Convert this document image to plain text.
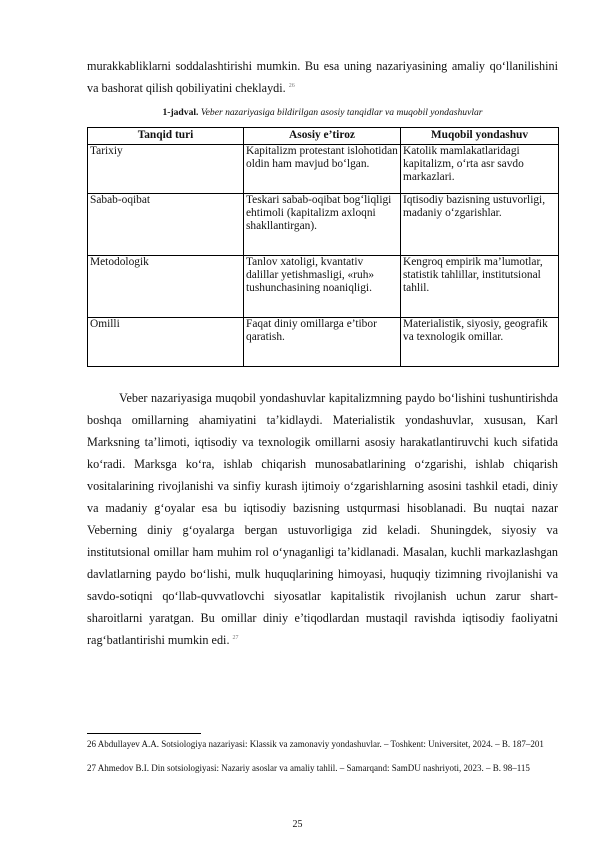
murakkabliklarni soddalashtirishi mumkin. Bu esa uning nazariyasining amaliy qo‘llanilishini va bashorat qilish qobiliyatini cheklaydi. $^{26}$

1-jadval. Veber nazariyasiga bildirilgan asosiy tanqidlar va muqobil yondashuvlar

Tanqid turi	Asosiy e’tiroz	Muqobil yondashuv
Tarixiy	Kapitalizm protestant islohotidan oldin ham mavjud bo‘lgan.	Katolik mamlakatlaridagi kapitalizm, o‘rta asr savdo markazlari.
Sabab-oqibat	Teskari sabab-oqibat bog‘liqligi ehtimoli (kapitalizm axloqni shakllantirgan).	Iqtisodiy bazisning ustuvorligi, madaniy o‘zgarishlar.
Metodologik	Tanlov xatoligi, kvantativ dalillar yetishmasligi, «ruh» tushunchasining noaniqligi.	Kengroq empirik ma’lumotlar, statistik tahlillar, institutsional tahlil.
Omilli	Faqat diniy omillarga e’tibor qaratish.	Materialistik, siyosiy, geografik va texnologik omillar.

Veber nazariyasiga muqobil yondashuvlar kapitalizmning paydo bo‘lishini tushuntirishda boshqa omillarning ahamiyatini ta’kidlaydi. Materialistik yondashuvlar, xususan, Karl Marksning ta’limoti, iqtisodiy va texnologik omillarni asosiy harakatlantiruvchi kuch sifatida ko‘radi. Marksga ko‘ra, ishlab chiqarish munosabatlarining o‘zgarishi, ishlab chiqarish vositalarining rivojlanishi va sinfiy kurash ijtimoiy o‘zgarishlarning asosini tashkil etadi, diniy va madaniy g‘oyalar esa bu iqtisodiy bazisning ustqurmasi hisoblanadi. Bu nuqtai nazar Veberning diniy g‘oyalarga bergan ustuvorligiga zid keladi. Shuningdek, siyosiy va institutsional omillar ham muhim rol o‘ynaganligi ta’kidlanadi. Masalan, kuchli markazlashgan davlatlarning paydo bo‘lishi, mulk huquqlarining himoyasi, huquqiy tizimning rivojlanishi va savdo-sotiqni qo‘llab-quvvatlovchi siyosatlar kapitalistik rivojlanish uchun zarur shart-sharoitlarni yaratgan. Bu omillar diniy e’tiqodlardan mustaqil ravishda iqtisodiy faoliyatni rag‘batlantirishi mumkin edi. $^{27}$

26 Abdullayev A.A. Sotsiologiya nazariyasi: Klassik va zamonaviy yondashuvlar. – Toshkent: Universitet, 2024. – B. 187–201

27 Ahmedov B.I. Din sotsiologiyasi: Nazariy asoslar va amaliy tahlil. – Samarqand: SamDU nashriyoti, 2023. – B. 98–115

25
